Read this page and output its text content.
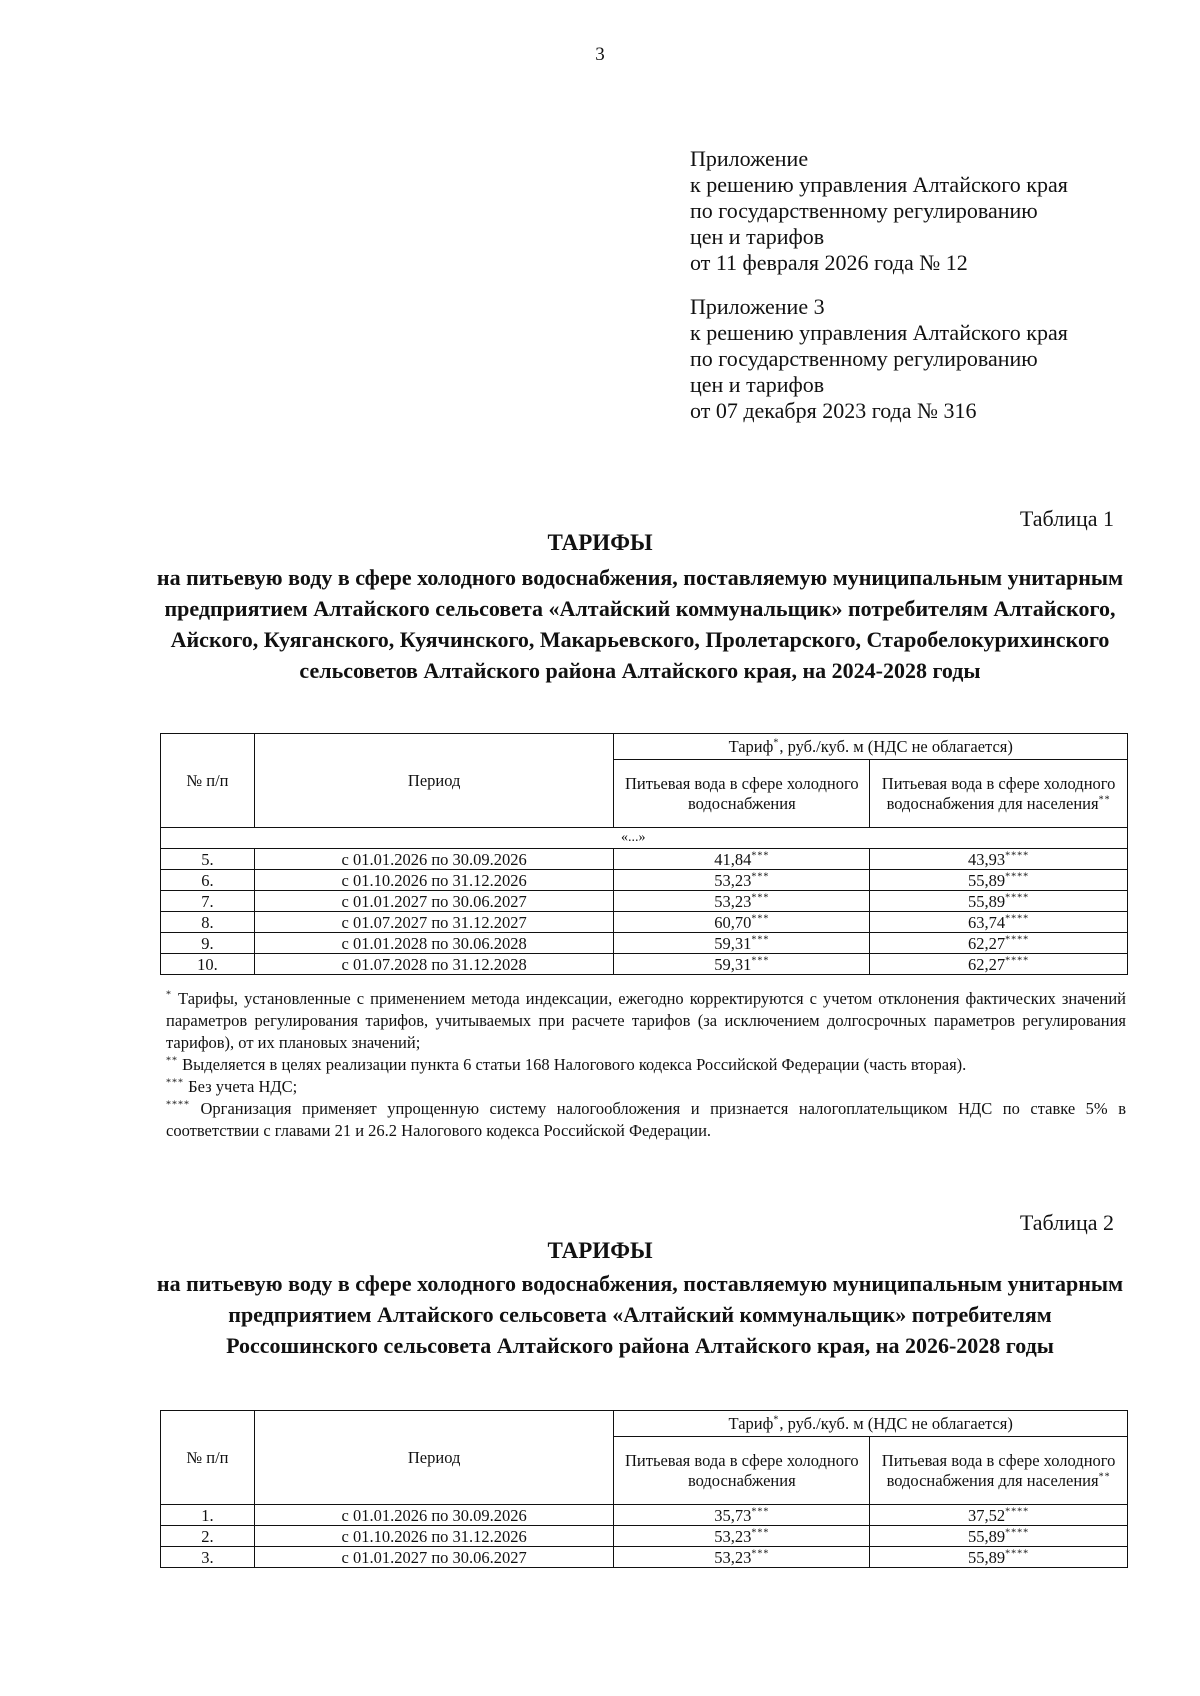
3
Приложение
к решению управления Алтайского края
по государственному регулированию
цен и тарифов
от 11 февраля 2026 года № 12
Приложение 3
к решению управления Алтайского края
по государственному регулированию
цен и тарифов
от 07 декабря 2023 года № 316
Таблица 1
ТАРИФЫ
на питьевую воду в сфере холодного водоснабжения, поставляемую муниципальным унитарным предприятием Алтайского сельсовета «Алтайский коммунальщик» потребителям Алтайского, Айского, Куяганского, Куячинского, Макарьевского, Пролетарского, Старобелокурихинского сельсоветов Алтайского района Алтайского края, на 2024-2028 годы
№ п/п	Период	Тариф*, руб./куб. м (НДС не облагается)	
		Питьевая вода в сфере холодного водоснабжения	Питьевая вода в сфере холодного водоснабжения для населения**
«...»			
5.	с 01.01.2026 по 30.09.2026	41,84***	43,93****
6.	с 01.10.2026 по 31.12.2026	53,23***	55,89****
7.	с 01.01.2027 по 30.06.2027	53,23***	55,89****
8.	с 01.07.2027 по 31.12.2027	60,70***	63,74****
9.	с 01.01.2028 по 30.06.2028	59,31***	62,27****
10.	с 01.07.2028 по 31.12.2028	59,31***	62,27****

* Тарифы, установленные с применением метода индексации, ежегодно корректируются с учетом отклонения фактических значений параметров регулирования тарифов, учитываемых при расчете тарифов (за исключением долгосрочных параметров регулирования тарифов), от их плановых значений;

** Выделяется в целях реализации пункта 6 статьи 168 Налогового кодекса Российской Федерации (часть вторая).

*** Без учета НДС;

**** Организация применяет упрощенную систему налогообложения и признается налогоплательщиком НДС по ставке 5% в соответствии с главами 21 и 26.2 Налогового кодекса Российской Федерации.

Таблица 2
ТАРИФЫ
на питьевую воду в сфере холодного водоснабжения, поставляемую муниципальным унитарным предприятием Алтайского сельсовета «Алтайский коммунальщик» потребителям Россошинского сельсовета Алтайского района Алтайского края, на 2026-2028 годы
№ п/п	Период	Тариф*, руб./куб. м (НДС не облагается)	
		Питьевая вода в сфере холодного водоснабжения	Питьевая вода в сфере холодного водоснабжения для населения**
1.	с 01.01.2026 по 30.09.2026	35,73***	37,52****
2.	с 01.10.2026 по 31.12.2026	53,23***	55,89****
3.	с 01.01.2027 по 30.06.2027	53,23***	55,89****
